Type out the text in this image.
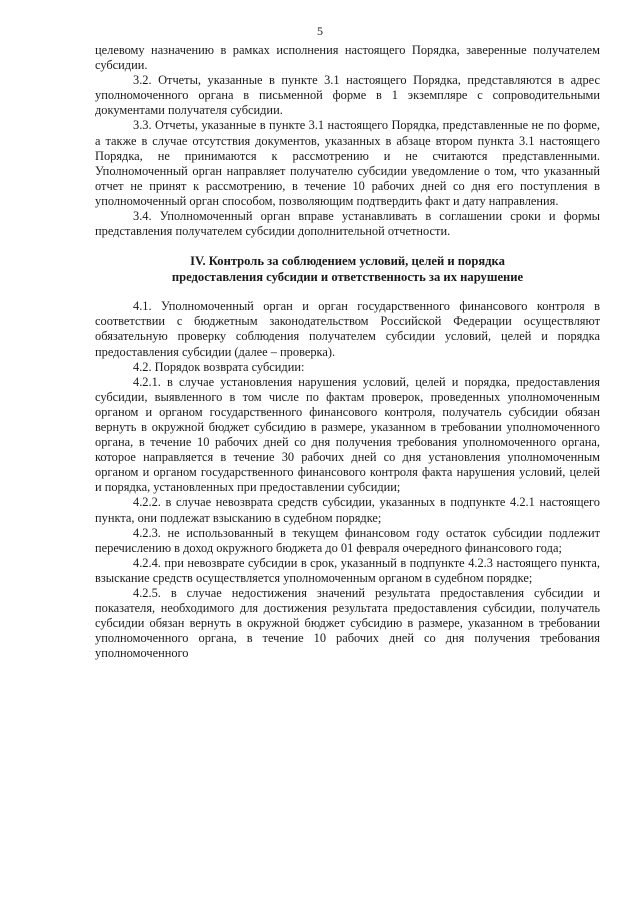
5

целевому назначению в рамках исполнения настоящего Порядка, заверенные получателем субсидии.

3.2. Отчеты, указанные в пункте 3.1 настоящего Порядка, представляются в адрес уполномоченного органа в письменной форме в 1 экземпляре с сопроводительными документами получателя субсидии.

3.3. Отчеты, указанные в пункте 3.1 настоящего Порядка, представленные не по форме, а также в случае отсутствия документов, указанных в абзаце втором пункта 3.1 настоящего Порядка, не принимаются к рассмотрению и не считаются представленными. Уполномоченный орган направляет получателю субсидии уведомление о том, что указанный отчет не принят к рассмотрению, в течение 10 рабочих дней со дня его поступления в уполномоченный орган способом, позволяющим подтвердить факт и дату направления.

3.4. Уполномоченный орган вправе устанавливать в соглашении сроки и формы представления получателем субсидии дополнительной отчетности.

IV. Контроль за соблюдением условий, целей и порядка
предоставления субсидии и ответственность за их нарушение

4.1. Уполномоченный орган и орган государственного финансового контроля в соответствии с бюджетным законодательством Российской Федерации осуществляют обязательную проверку соблюдения получателем субсидии условий, целей и порядка предоставления субсидии (далее – проверка).

4.2. Порядок возврата субсидии:

4.2.1. в случае установления нарушения условий, целей и порядка, предоставления субсидии, выявленного в том числе по фактам проверок, проведенных уполномоченным органом и органом государственного финансового контроля, получатель субсидии обязан вернуть в окружной бюджет субсидию в размере, указанном в требовании уполномоченного органа, в течение 10 рабочих дней со дня получения требования уполномоченного органа, которое направляется в течение 30 рабочих дней со дня установления уполномоченным органом и органом государственного финансового контроля факта нарушения условий, целей и порядка, установленных при предоставлении субсидии;

4.2.2. в случае невозврата средств субсидии, указанных в подпункте 4.2.1 настоящего пункта, они подлежат взысканию в судебном порядке;

4.2.3. не использованный в текущем финансовом году остаток субсидии подлежит перечислению в доход окружного бюджета до 01 февраля очередного финансового года;

4.2.4. при невозврате субсидии в срок, указанный в подпункте 4.2.3 настоящего пункта, взыскание средств осуществляется уполномоченным органом в судебном порядке;

4.2.5. в случае недостижения значений результата предоставления субсидии и показателя, необходимого для достижения результата предоставления субсидии, получатель субсидии обязан вернуть в окружной бюджет субсидию в размере, указанном в требовании уполномоченного органа, в течение 10 рабочих дней со дня получения требования уполномоченного
